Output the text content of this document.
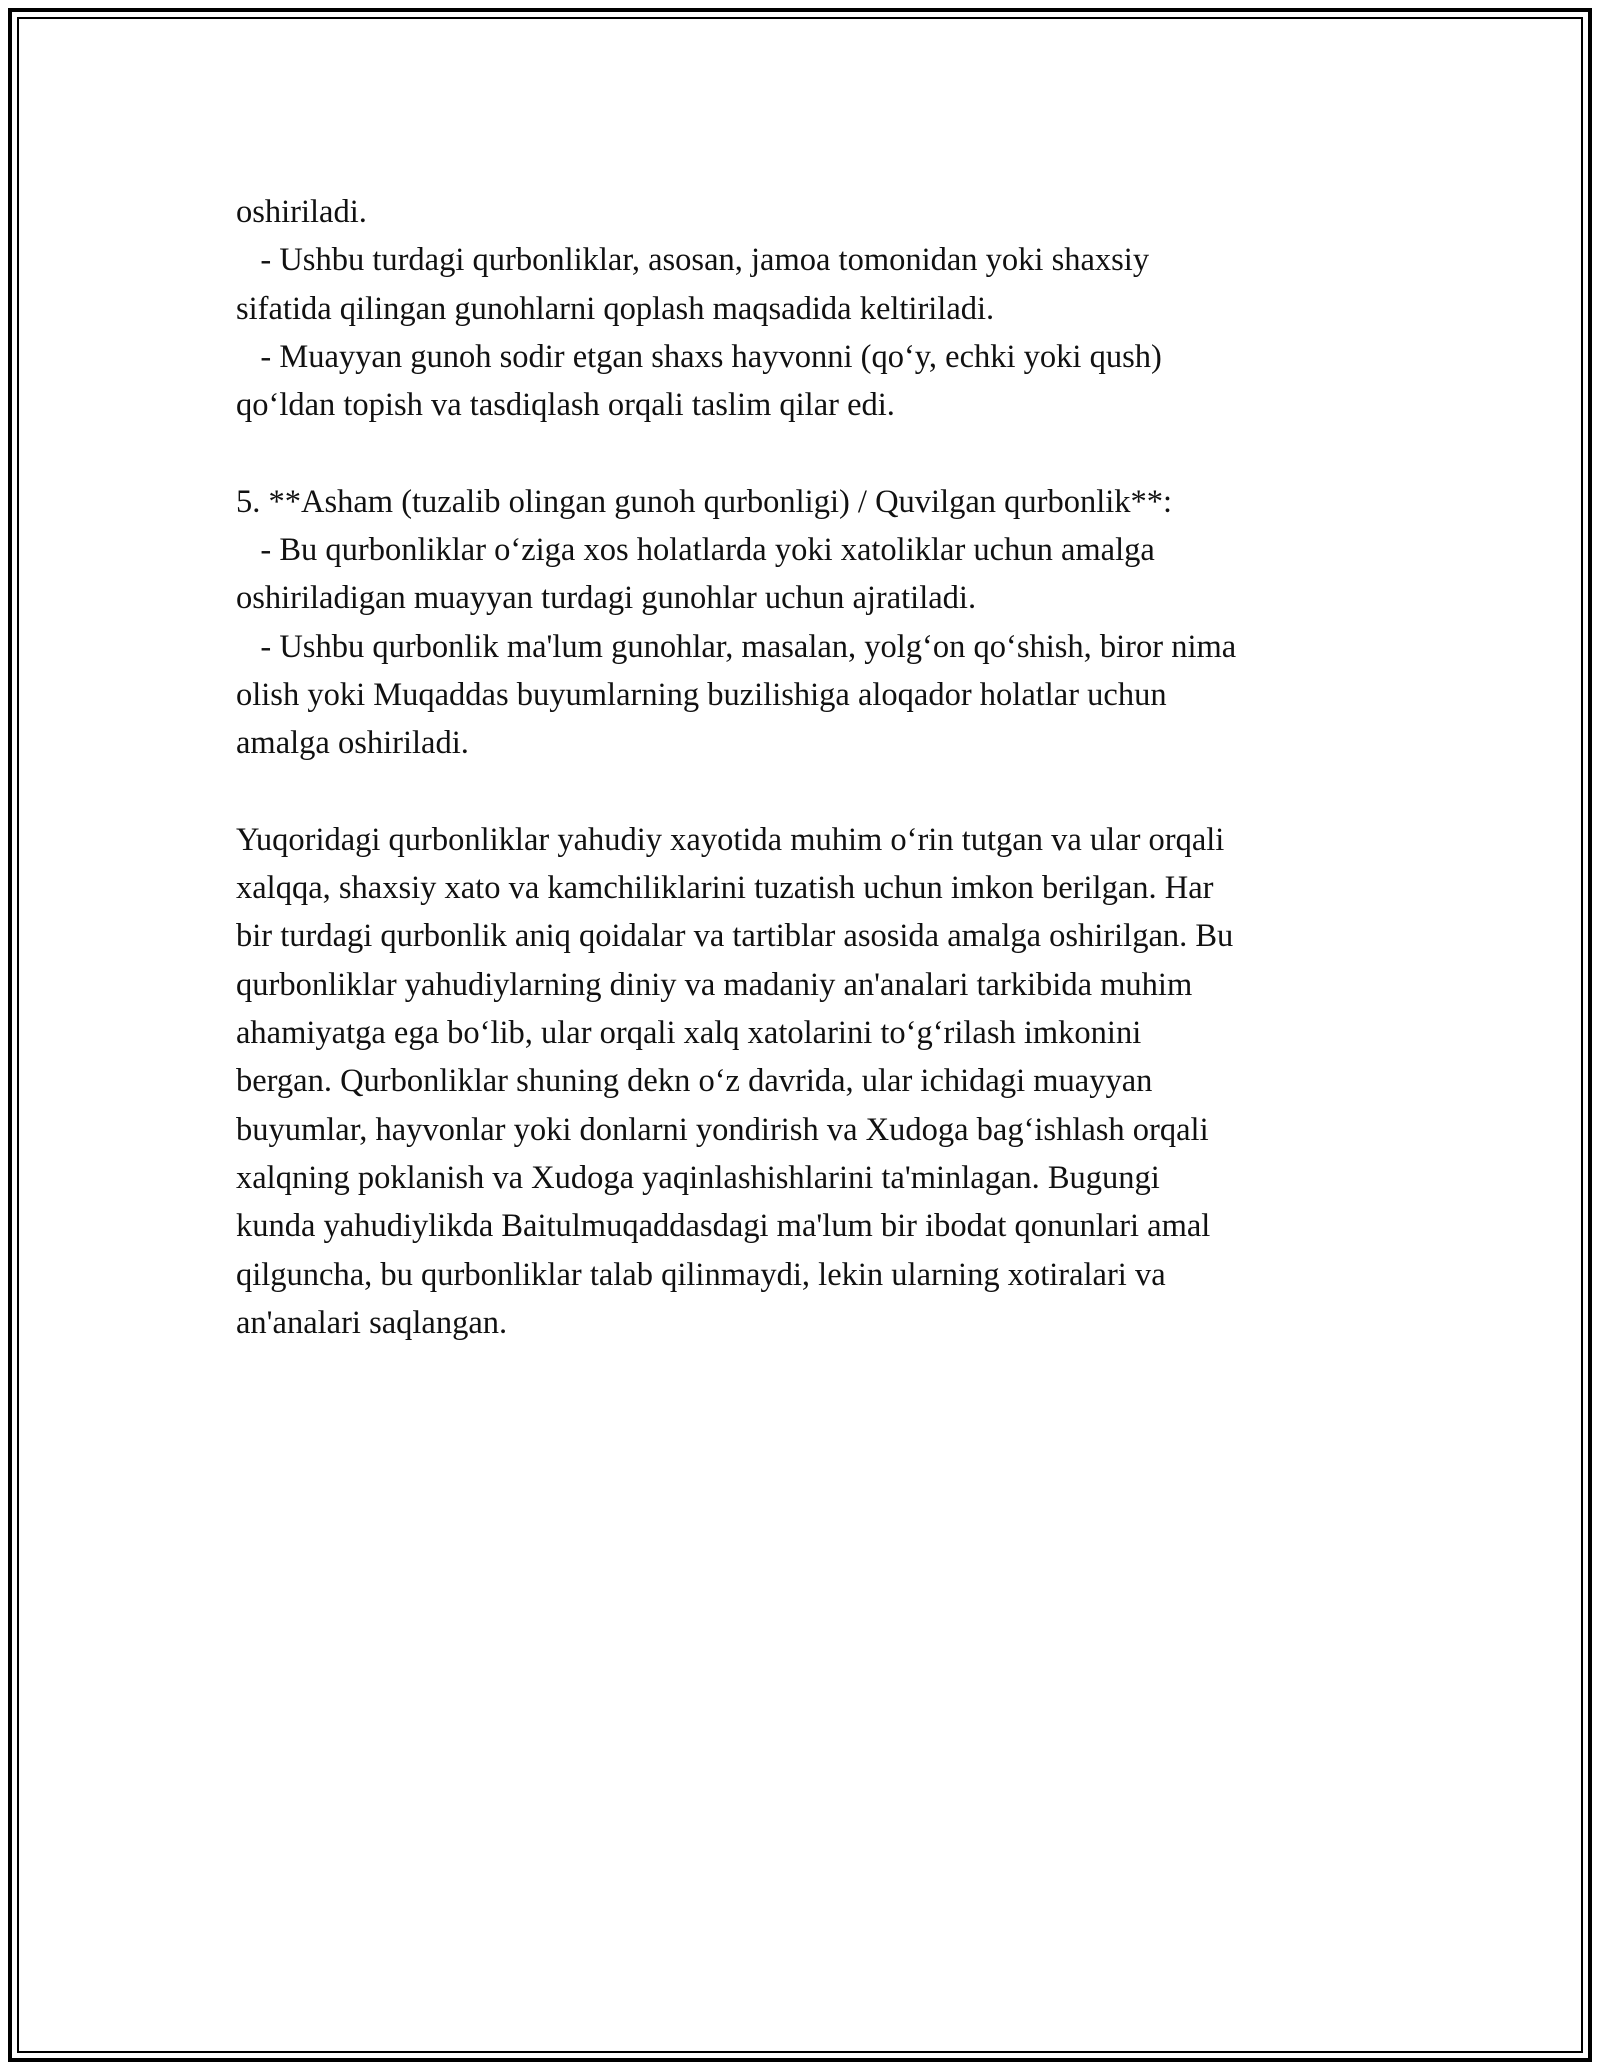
oshiriladi.
- Ushbu turdagi qurbonliklar, asosan, jamoa tomonidan yoki shaxsiy
sifatida qilingan gunohlarni qoplash maqsadida keltiriladi.
- Muayyan gunoh sodir etgan shaxs hayvonni (qo‘y, echki yoki qush)
qo‘ldan topish va tasdiqlash orqali taslim qilar edi.
5. **Asham (tuzalib olingan gunoh qurbonligi) / Quvilgan qurbonlik**:
- Bu qurbonliklar o‘ziga xos holatlarda yoki xatoliklar uchun amalga
oshiriladigan muayyan turdagi gunohlar uchun ajratiladi.
- Ushbu qurbonlik ma'lum gunohlar, masalan, yolg‘on qo‘shish, biror nima
olish yoki Muqaddas buyumlarning buzilishiga aloqador holatlar uchun
amalga oshiriladi.
Yuqoridagi qurbonliklar yahudiy xayotida muhim o‘rin tutgan va ular orqali
xalqqa, shaxsiy xato va kamchiliklarini tuzatish uchun imkon berilgan. Har
bir turdagi qurbonlik aniq qoidalar va tartiblar asosida amalga oshirilgan. Bu
qurbonliklar yahudiylarning diniy va madaniy an'analari tarkibida muhim
ahamiyatga ega bo‘lib, ular orqali xalq xatolarini to‘g‘rilash imkonini
bergan. Qurbonliklar shuning dekn o‘z davrida, ular ichidagi muayyan
buyumlar, hayvonlar yoki donlarni yondirish va Xudoga bag‘ishlash orqali
xalqning poklanish va Xudoga yaqinlashishlarini ta'minlagan. Bugungi
kunda yahudiylikda Baitulmuqaddasdagi ma'lum bir ibodat qonunlari amal
qilguncha, bu qurbonliklar talab qilinmaydi, lekin ularning xotiralari va
an'analari saqlangan.
